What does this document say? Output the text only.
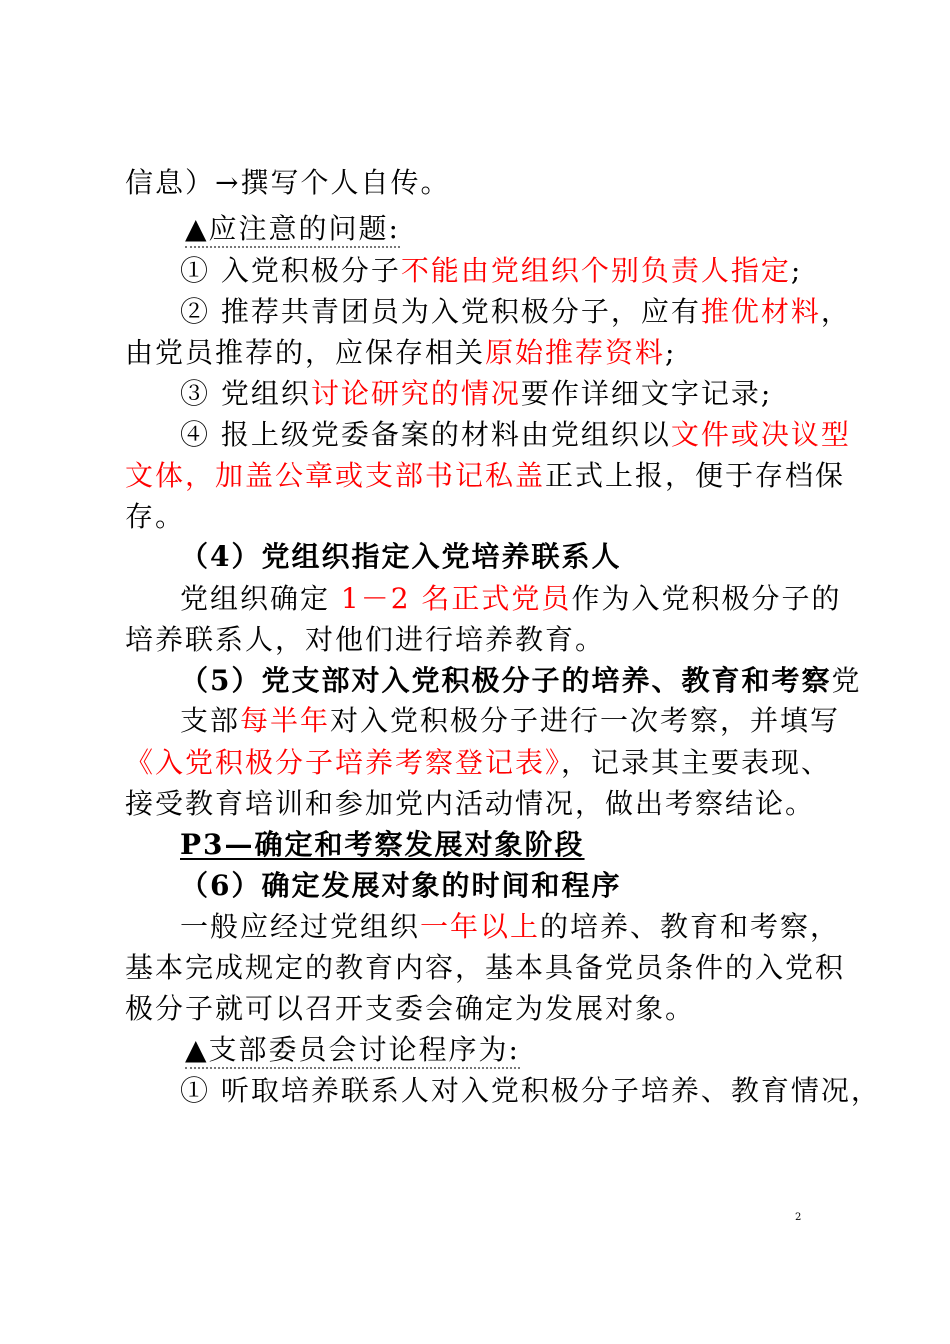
信息）→撰写个人自传。
▲应注意的问题:
① 入党积极分子不能由党组织个别负责人指定;
② 推荐共青团员为入党积极分子，应有推优材料，
由党员推荐的，应保存相关原始推荐资料;
③ 党组织讨论研究的情况要作详细文字记录;
④ 报上级党委备案的材料由党组织以文件或决议型
文体，加盖公章或支部书记私盖正式上报，便于存档保
存。
（4）党组织指定入党培养联系人
党组织确定 1－2 名正式党员作为入党积极分子的
培养联系人，对他们进行培养教育。
（5）党支部对入党积极分子的培养、教育和考察党
支部每半年对入党积极分子进行一次考察，并填写
《入党积极分子培养考察登记表》，记录其主要表现、
接受教育培训和参加党内活动情况，做出考察结论。
P3—确定和考察发展对象阶段
（6）确定发展对象的时间和程序
一般应经过党组织一年以上的培养、教育和考察，
基本完成规定的教育内容，基本具备党员条件的入党积
极分子就可以召开支委会确定为发展对象。
▲支部委员会讨论程序为:
① 听取培养联系人对入党积极分子培养、教育情况，
2
